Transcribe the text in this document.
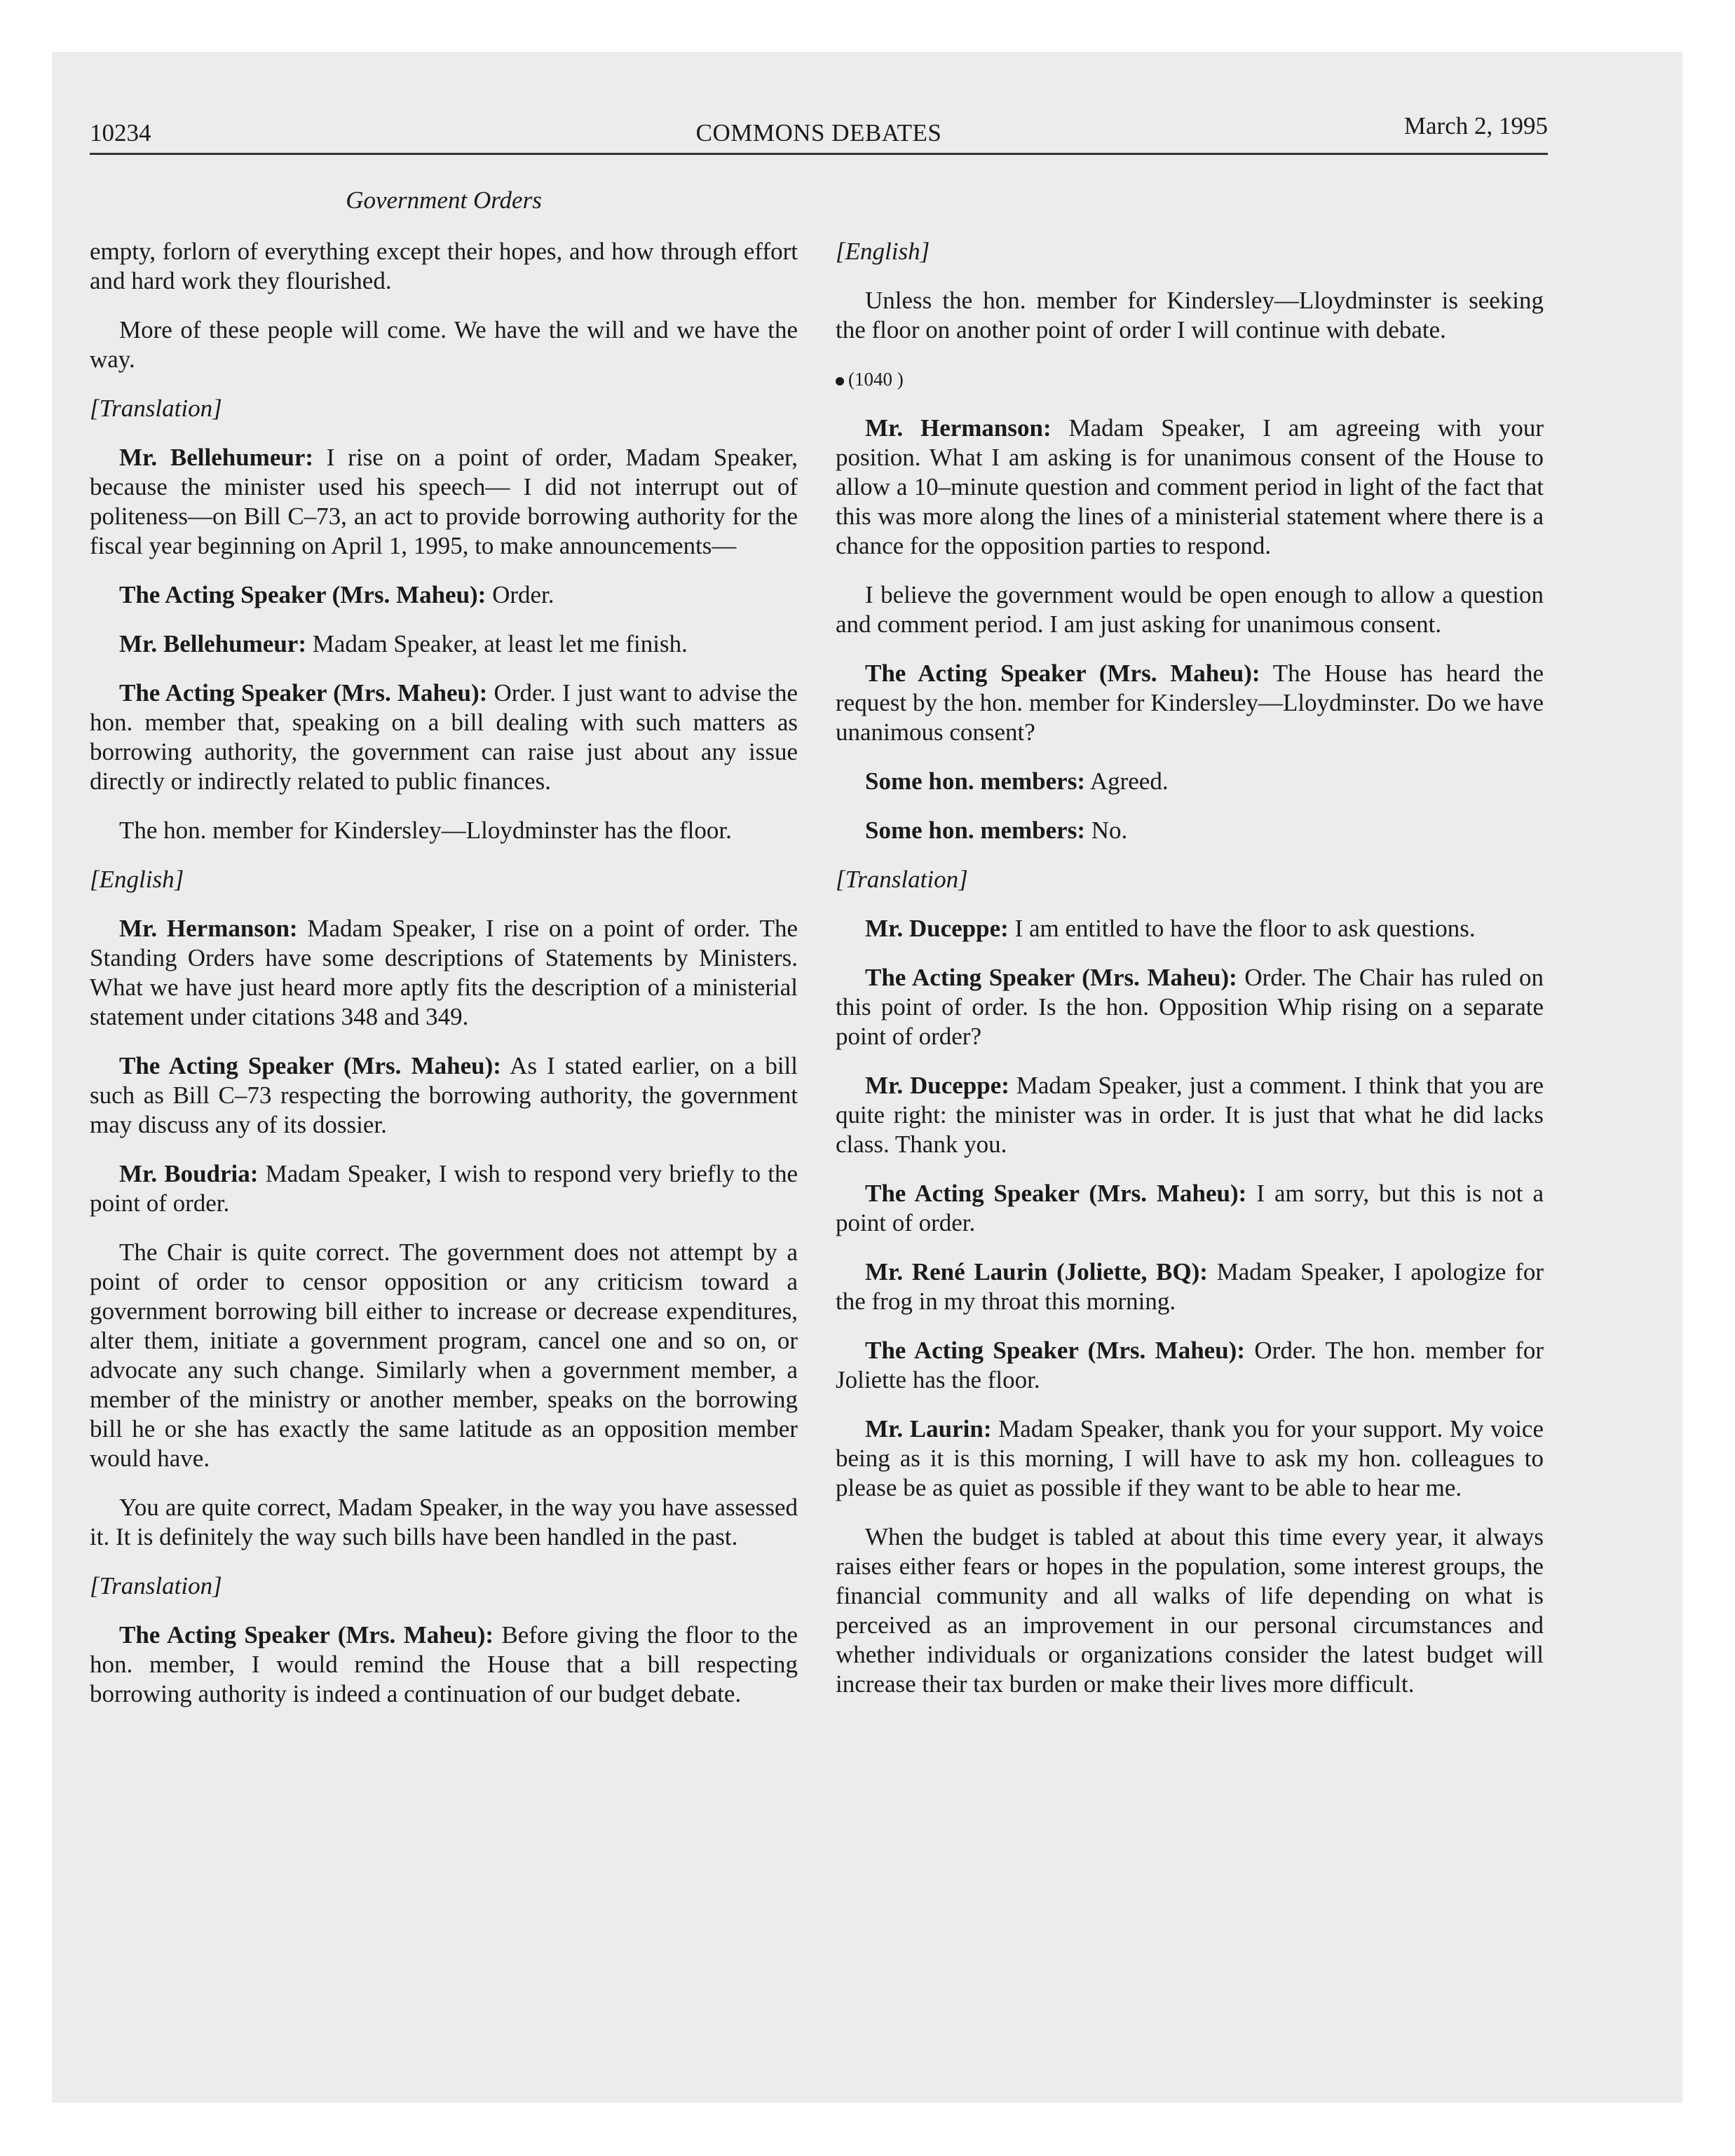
10234	COMMONS DEBATES	March 2, 1995
Government Orders

empty, forlorn of everything except their hopes, and how through effort and hard work they flourished.

More of these people will come. We have the will and we have the way.

[Translation]

Mr. Bellehumeur: I rise on a point of order, Madam Speaker, because the minister used his speech— I did not interrupt out of politeness—on Bill C–73, an act to provide borrowing authority for the fiscal year beginning on April 1, 1995, to make announcements—

The Acting Speaker (Mrs. Maheu): Order.

Mr. Bellehumeur: Madam Speaker, at least let me finish.

The Acting Speaker (Mrs. Maheu): Order. I just want to advise the hon. member that, speaking on a bill dealing with such matters as borrowing authority, the government can raise just about any issue directly or indirectly related to public finances.

The hon. member for Kindersley—Lloydminster has the floor.

[English]

Mr. Hermanson: Madam Speaker, I rise on a point of order. The Standing Orders have some descriptions of Statements by Ministers. What we have just heard more aptly fits the description of a ministerial statement under citations 348 and 349.

The Acting Speaker (Mrs. Maheu): As I stated earlier, on a bill such as Bill C–73 respecting the borrowing authority, the government may discuss any of its dossier.

Mr. Boudria: Madam Speaker, I wish to respond very briefly to the point of order.

The Chair is quite correct. The government does not attempt by a point of order to censor opposition or any criticism toward a government borrowing bill either to increase or decrease expenditures, alter them, initiate a government program, cancel one and so on, or advocate any such change. Similarly when a government member, a member of the ministry or another member, speaks on the borrowing bill he or she has exactly the same latitude as an opposition member would have.

You are quite correct, Madam Speaker, in the way you have assessed it. It is definitely the way such bills have been handled in the past.

[Translation]

The Acting Speaker (Mrs. Maheu): Before giving the floor to the hon. member, I would remind the House that a bill respecting borrowing authority is indeed a continuation of our budget debate.

[English]

Unless the hon. member for Kindersley—Lloydminster is seeking the floor on another point of order I will continue with debate.

(1040 )

Mr. Hermanson: Madam Speaker, I am agreeing with your position. What I am asking is for unanimous consent of the House to allow a 10–minute question and comment period in light of the fact that this was more along the lines of a ministerial statement where there is a chance for the opposition parties to respond.

I believe the government would be open enough to allow a question and comment period. I am just asking for unanimous consent.

The Acting Speaker (Mrs. Maheu): The House has heard the request by the hon. member for Kindersley—Lloydminster. Do we have unanimous consent?

Some hon. members: Agreed.

Some hon. members: No.

[Translation]

Mr. Duceppe: I am entitled to have the floor to ask questions.

The Acting Speaker (Mrs. Maheu): Order. The Chair has ruled on this point of order. Is the hon. Opposition Whip rising on a separate point of order?

Mr. Duceppe: Madam Speaker, just a comment. I think that you are quite right: the minister was in order. It is just that what he did lacks class. Thank you.

The Acting Speaker (Mrs. Maheu): I am sorry, but this is not a point of order.

Mr. René Laurin (Joliette, BQ): Madam Speaker, I apologize for the frog in my throat this morning.

The Acting Speaker (Mrs. Maheu): Order. The hon. member for Joliette has the floor.

Mr. Laurin: Madam Speaker, thank you for your support. My voice being as it is this morning, I will have to ask my hon. colleagues to please be as quiet as possible if they want to be able to hear me.

When the budget is tabled at about this time every year, it always raises either fears or hopes in the population, some interest groups, the financial community and all walks of life depending on what is perceived as an improvement in our personal circumstances and whether individuals or organizations consider the latest budget will increase their tax burden or make their lives more difficult.
